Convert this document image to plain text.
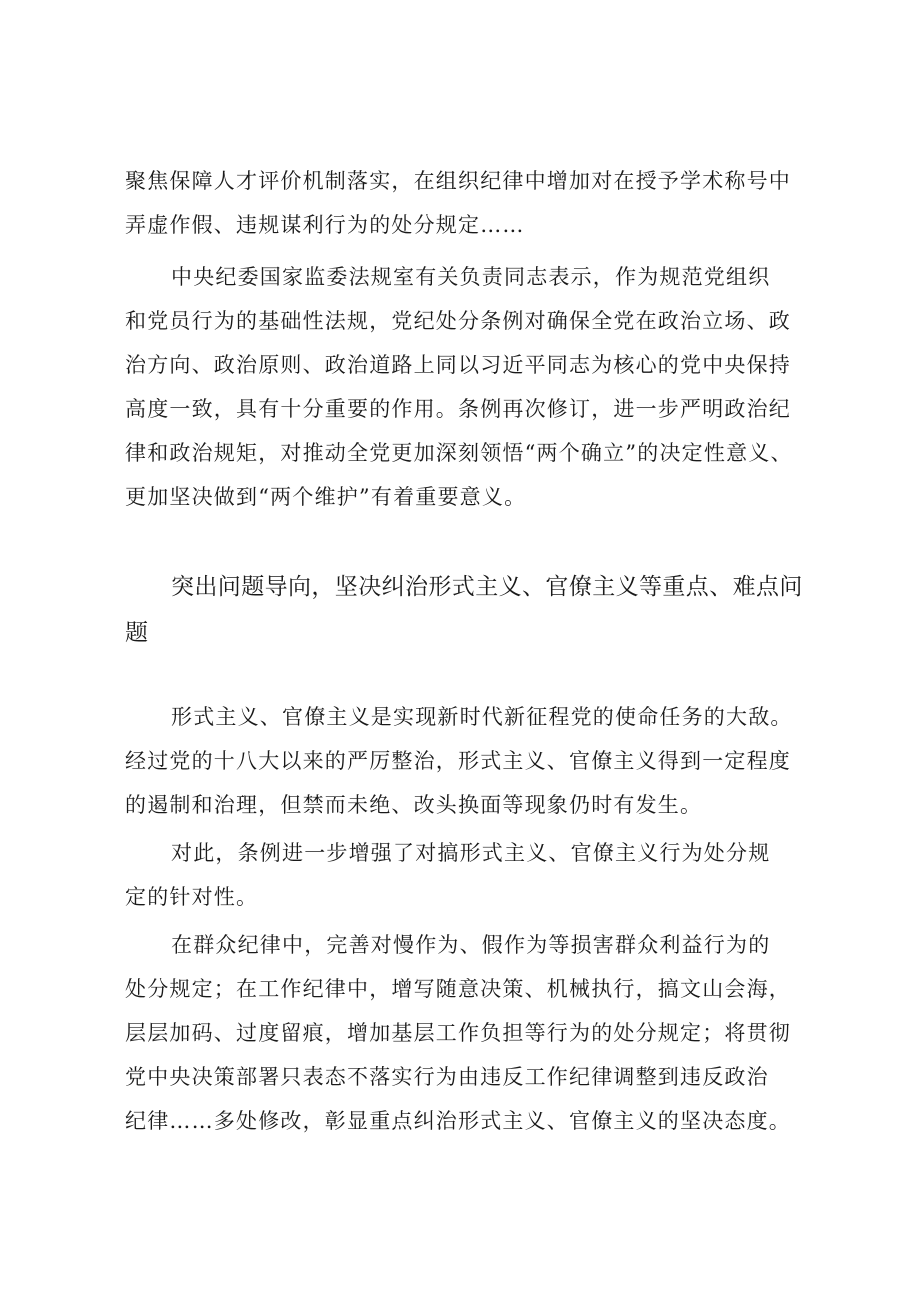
聚焦保障人才评价机制落实，在组织纪律中增加对在授予学术称号中
弄虚作假、违规谋利行为的处分规定……
中央纪委国家监委法规室有关负责同志表示，作为规范党组织
和党员行为的基础性法规，党纪处分条例对确保全党在政治立场、政
治方向、政治原则、政治道路上同以习近平同志为核心的党中央保持
高度一致，具有十分重要的作用。条例再次修订，进一步严明政治纪
律和政治规矩，对推动全党更加深刻领悟“两个确立”的决定性意义、
更加坚决做到“两个维护”有着重要意义。
突出问题导向，坚决纠治形式主义、官僚主义等重点、难点问
题
形式主义、官僚主义是实现新时代新征程党的使命任务的大敌。
经过党的十八大以来的严厉整治，形式主义、官僚主义得到一定程度
的遏制和治理，但禁而未绝、改头换面等现象仍时有发生。
对此，条例进一步增强了对搞形式主义、官僚主义行为处分规
定的针对性。
在群众纪律中，完善对慢作为、假作为等损害群众利益行为的
处分规定；在工作纪律中，增写随意决策、机械执行，搞文山会海，
层层加码、过度留痕，增加基层工作负担等行为的处分规定；将贯彻
党中央决策部署只表态不落实行为由违反工作纪律调整到违反政治
纪律……多处修改，彰显重点纠治形式主义、官僚主义的坚决态度。
